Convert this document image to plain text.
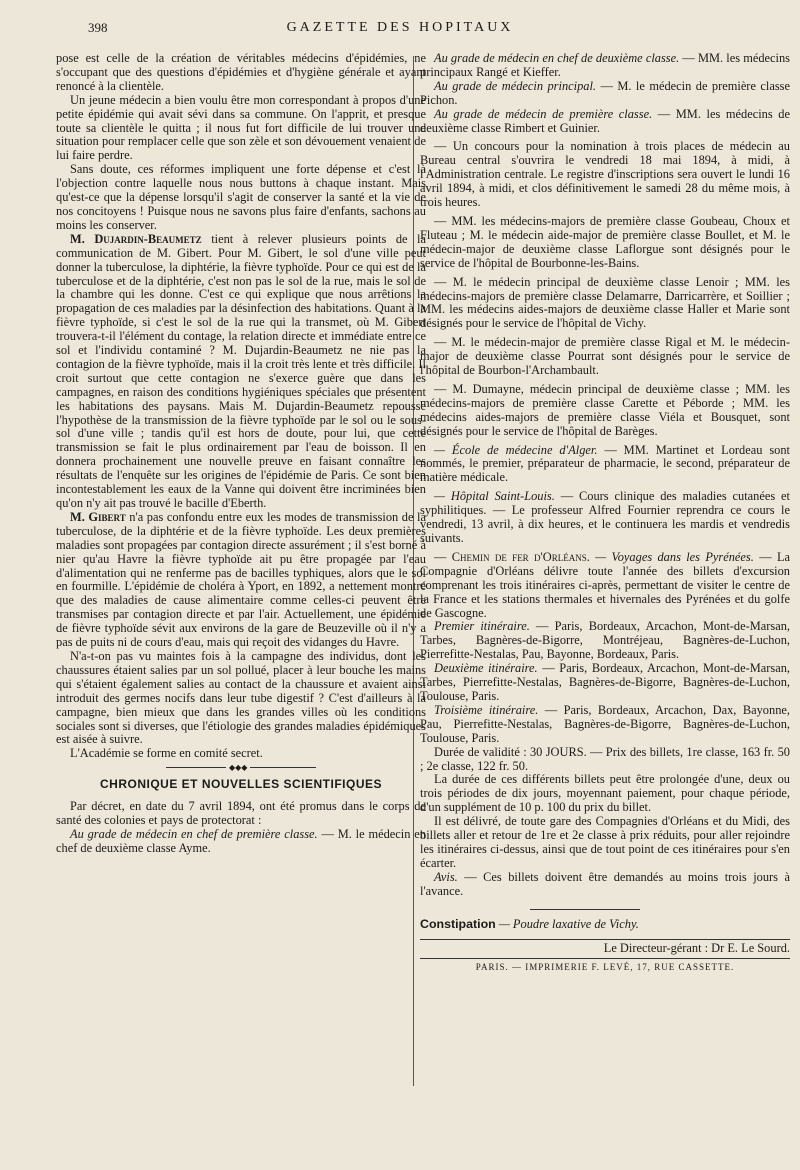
398	GAZETTE DES HOPITAUX

pose est celle de la création de véritables médecins d'épidémies, ne s'occupant que des questions d'épidémies et d'hygiène générale et ayant renoncé à la clientèle.

Un jeune médecin a bien voulu être mon correspondant à propos d'une petite épidémie qui avait sévi dans sa commune. On l'apprit, et presque toute sa clientèle le quitta ; il nous fut fort difficile de lui trouver une situation pour remplacer celle que son zèle et son dévouement venaient de lui faire perdre.

Sans doute, ces réformes impliquent une forte dépense et c'est là l'objection contre laquelle nous nous buttons à chaque instant. Mais qu'est-ce que la dépense lorsqu'il s'agit de conserver la santé et la vie de nos concitoyens ! Puisque nous ne savons plus faire d'enfants, sachons au moins les conserver.

M. Dujardin-Beaumetz tient à relever plusieurs points de la communication de M. Gibert. Pour M. Gibert, le sol d'une ville peut donner la tuberculose, la diphtérie, la fièvre typhoïde. Pour ce qui est de la tuberculose et de la diphtérie, c'est non pas le sol de la rue, mais le sol de la chambre qui les donne. C'est ce qui explique que nous arrêtions la propagation de ces maladies par la désinfection des habitations. Quant à la fièvre typhoïde, si c'est le sol de la rue qui la transmet, où M. Gibert trouvera-t-il l'élément du contage, la relation directe et immédiate entre ce sol et l'individu contaminé ? M. Dujardin-Beaumetz ne nie pas la contagion de la fièvre typhoïde, mais il la croit très lente et très difficile. Il croit surtout que cette contagion ne s'exerce guère que dans les campagnes, en raison des conditions hygiéniques spéciales que présentent les habitations des paysans. Mais M. Dujardin-Beaumetz repousse l'hypothèse de la transmission de la fièvre typhoïde par le sol ou le sous-sol d'une ville ; tandis qu'il est hors de doute, pour lui, que cette transmission se fait le plus ordinairement par l'eau de boisson. Il en donnera prochainement une nouvelle preuve en faisant connaître les résultats de l'enquête sur les origines de l'épidémie de Paris. Ce sont bien incontestablement les eaux de la Vanne qui doivent être incriminées bien qu'on n'y ait pas trouvé le bacille d'Eberth.

M. Gibert n'a pas confondu entre eux les modes de transmission de la tuberculose, de la diphtérie et de la fièvre typhoïde. Les deux premières maladies sont propagées par contagion directe assurément ; il s'est borné à nier qu'au Havre la fièvre typhoïde ait pu être propagée par l'eau d'alimentation qui ne renferme pas de bacilles typhiques, alors que le sol en fourmille. L'épidémie de choléra à Yport, en 1892, a nettement montré que des maladies de cause alimentaire comme celles-ci peuvent être transmises par contagion directe et par l'air. Actuellement, une épidémie de fièvre typhoïde sévit aux environs de la gare de Beuzeville où il n'y a pas de puits ni de cours d'eau, mais qui reçoit des vidanges du Havre.

N'a-t-on pas vu maintes fois à la campagne des individus, dont les chaussures étaient salies par un sol pollué, placer à leur bouche les mains qui s'étaient également salies au contact de la chaussure et avaient ainsi introduit des germes nocifs dans leur tube digestif ? C'est d'ailleurs à la campagne, bien mieux que dans les grandes villes où les conditions sociales sont si diverses, que l'étiologie des grandes maladies épidémiques est aisée à suivre.

L'Académie se forme en comité secret.

◆◆◆

CHRONIQUE ET NOUVELLES SCIENTIFIQUES

Par décret, en date du 7 avril 1894, ont été promus dans le corps de santé des colonies et pays de protectorat :

Au grade de médecin en chef de première classe. — M. le médecin en chef de deuxième classe Ayme.

Au grade de médecin en chef de deuxième classe. — MM. les médecins principaux Rangé et Kieffer.

Au grade de médecin principal. — M. le médecin de première classe Pichon.

Au grade de médecin de première classe. — MM. les médecins de deuxième classe Rimbert et Guinier.

— Un concours pour la nomination à trois places de médecin au Bureau central s'ouvrira le vendredi 18 mai 1894, à midi, à l'Administration centrale. Le registre d'inscriptions sera ouvert le lundi 16 avril 1894, à midi, et clos définitivement le samedi 28 du même mois, à trois heures.

— MM. les médecins-majors de première classe Goubeau, Choux et Fluteau ; M. le médecin aide-major de première classe Boullet, et M. le médecin-major de deuxième classe Laflorgue sont désignés pour le service de l'hôpital de Bourbonne-les-Bains.

— M. le médecin principal de deuxième classe Lenoir ; MM. les médecins-majors de première classe Delamarre, Darricarrère, et Soillier ; MM. les médecins aides-majors de deuxième classe Haller et Marie sont désignés pour le service de l'hôpital de Vichy.

— M. le médecin-major de première classe Rigal et M. le médecin-major de deuxième classe Pourrat sont désignés pour le service de l'hôpital de Bourbon-l'Archambault.

— M. Dumayne, médecin principal de deuxième classe ; MM. les médecins-majors de première classe Carette et Péborde ; MM. les médecins aides-majors de première classe Viéla et Bousquet, sont désignés pour le service de l'hôpital de Barèges.

— École de médecine d'Alger. — MM. Martinet et Lordeau sont nommés, le premier, préparateur de pharmacie, le second, préparateur de matière médicale.

— Hôpital Saint-Louis. — Cours clinique des maladies cutanées et syphilitiques. — Le professeur Alfred Fournier reprendra ce cours le vendredi, 13 avril, à dix heures, et le continuera les mardis et vendredis suivants.

— Chemin de fer d'Orléans. — Voyages dans les Pyrénées. — La Compagnie d'Orléans délivre toute l'année des billets d'excursion comprenant les trois itinéraires ci-après, permettant de visiter le centre de la France et les stations thermales et hivernales des Pyrénées et du golfe de Gascogne.

Premier itinéraire. — Paris, Bordeaux, Arcachon, Mont-de-Marsan, Tarbes, Bagnères-de-Bigorre, Montréjeau, Bagnères-de-Luchon, Pierrefitte-Nestalas, Pau, Bayonne, Bordeaux, Paris.

Deuxième itinéraire. — Paris, Bordeaux, Arcachon, Mont-de-Marsan, Tarbes, Pierrefitte-Nestalas, Bagnères-de-Bigorre, Bagnères-de-Luchon, Toulouse, Paris.

Troisième itinéraire. — Paris, Bordeaux, Arcachon, Dax, Bayonne, Pau, Pierrefitte-Nestalas, Bagnères-de-Bigorre, Bagnères-de-Luchon, Toulouse, Paris.

Durée de validité : 30 JOURS. — Prix des billets, 1re classe, 163 fr. 50 ; 2e classe, 122 fr. 50.

La durée de ces différents billets peut être prolongée d'une, deux ou trois périodes de dix jours, moyennant paiement, pour chaque période, d'un supplément de 10 p. 100 du prix du billet.

Il est délivré, de toute gare des Compagnies d'Orléans et du Midi, des billets aller et retour de 1re et 2e classe à prix réduits, pour aller rejoindre les itinéraires ci-dessus, ainsi que de tout point de ces itinéraires pour s'en écarter.

Avis. — Ces billets doivent être demandés au moins trois jours à l'avance.

Constipation — Poudre laxative de Vichy.

Le Directeur-gérant : Dr E. Le Sourd.

PARIS. — IMPRIMERIE F. LEVÉ, 17, RUE CASSETTE.
